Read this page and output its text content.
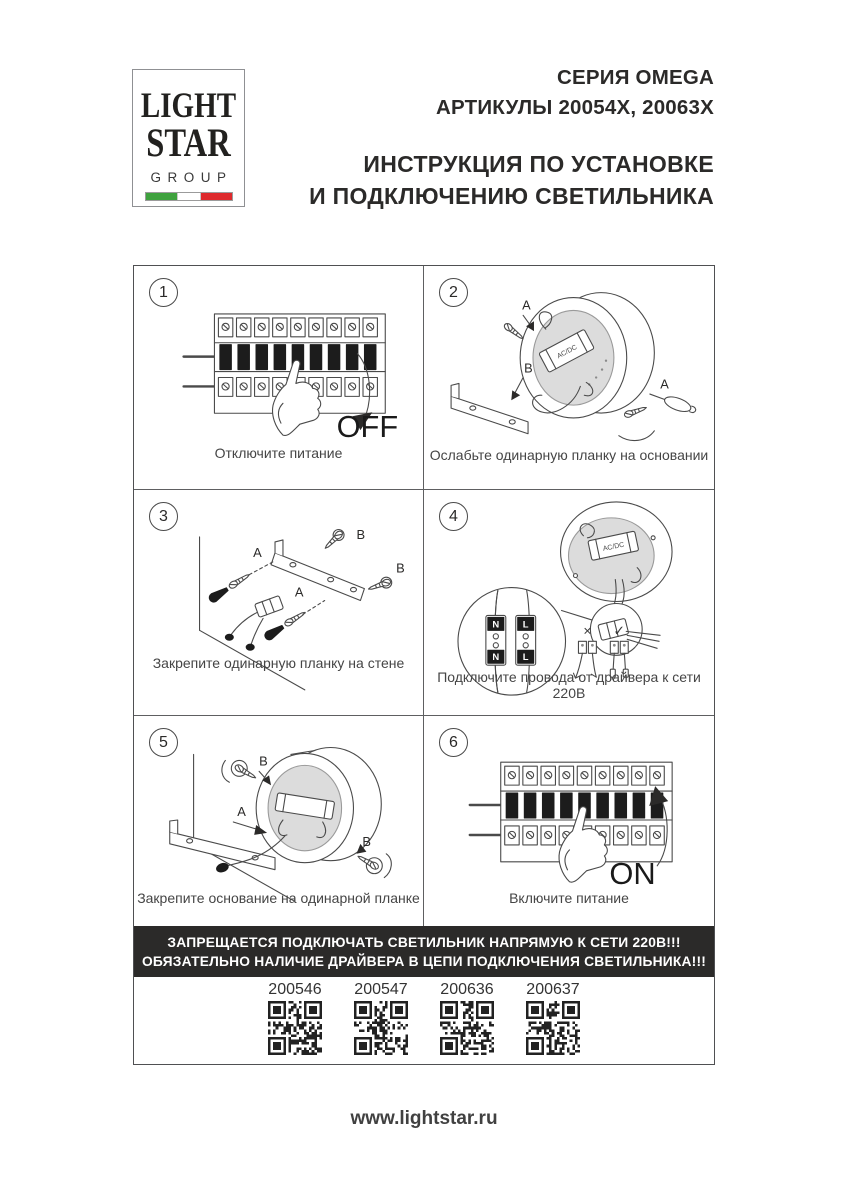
LIGHT
STAR
GROUP
СЕРИЯ OMEGA
АРТИКУЛЫ 20054Х, 20063Х
ИНСТРУКЦИЯ ПО УСТАНОВКЕ
И ПОДКЛЮЧЕНИЮ СВЕТИЛЬНИКА
1
OFF
Отключите питание
2
AC/DC
A
B
A
Ослабьте одинарную планку на основании
3
B
B
A
A
Закрепите одинарную планку на стене
4
AC/DC
N
N
L
L
× ✓
Подключите провода от драйвера к сети 220В
5
B
B
A
Закрепите основание на одинарной планке
6
ON
Включите питание
ЗАПРЕЩАЕТСЯ ПОДКЛЮЧАТЬ СВЕТИЛЬНИК НАПРЯМУЮ К СЕТИ 220В!!!
ОБЯЗАТЕЛЬНО НАЛИЧИЕ ДРАЙВЕРА В ЦЕПИ ПОДКЛЮЧЕНИЯ СВЕТИЛЬНИКА!!!
200546 200547 200636 200637
www.lightstar.ru
